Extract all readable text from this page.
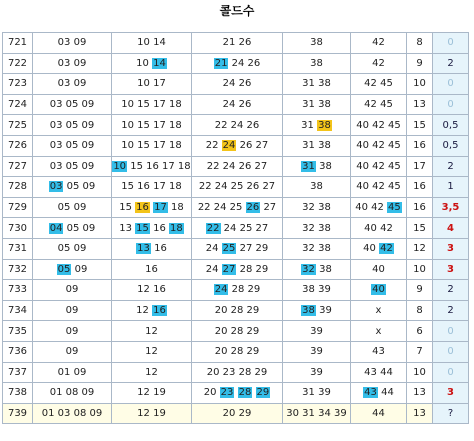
콜드수
721	03 09	10 14	21 26	38	42	8	0
722	03 09	10 14	21 24 26	38	42	9	2
723	03 09	10 17	24 26	31 38	42 45	10	0
724	03 05 09	10 15 17 18	24 26	31 38	42 45	13	0
725	03 05 09	10 15 17 18	22 24 26	31 38	40 42 45	15	0,5
726	03 05 09	10 15 17 18	22 24 26 27	31 38	40 42 45	16	0,5
727	03 05 09	10 15 16 17 18	22 24 26 27	31 38	40 42 45	17	2
728	03 05 09	15 16 17 18	22 24 25 26 27	38	40 42 45	16	1
729	05 09	15 16 17 18	22 24 25 26 27	32 38	40 42 45	16	3,5
730	04 05 09	13 15 16 18	22 24 25 27	32 38	40 42	15	4
731	05 09	13 16	24 25 27 29	32 38	40 42	12	3
732	05 09	16	24 27 28 29	32 38	40	10	3
733	09	12 16	24 28 29	38 39	40	9	2
734	09	12 16	20 28 29	38 39	x	8	2
735	09	12	20 28 29	39	x	6	0
736	09	12	20 28 29	39	43	7	0
737	01 09	12	20 23 28 29	39	43 44	10	0
738	01 08 09	12 19	20 23 28 29	31 39	43 44	13	3
739	01 03 08 09	12 19	20 29	30 31 34 39	44	13	?
